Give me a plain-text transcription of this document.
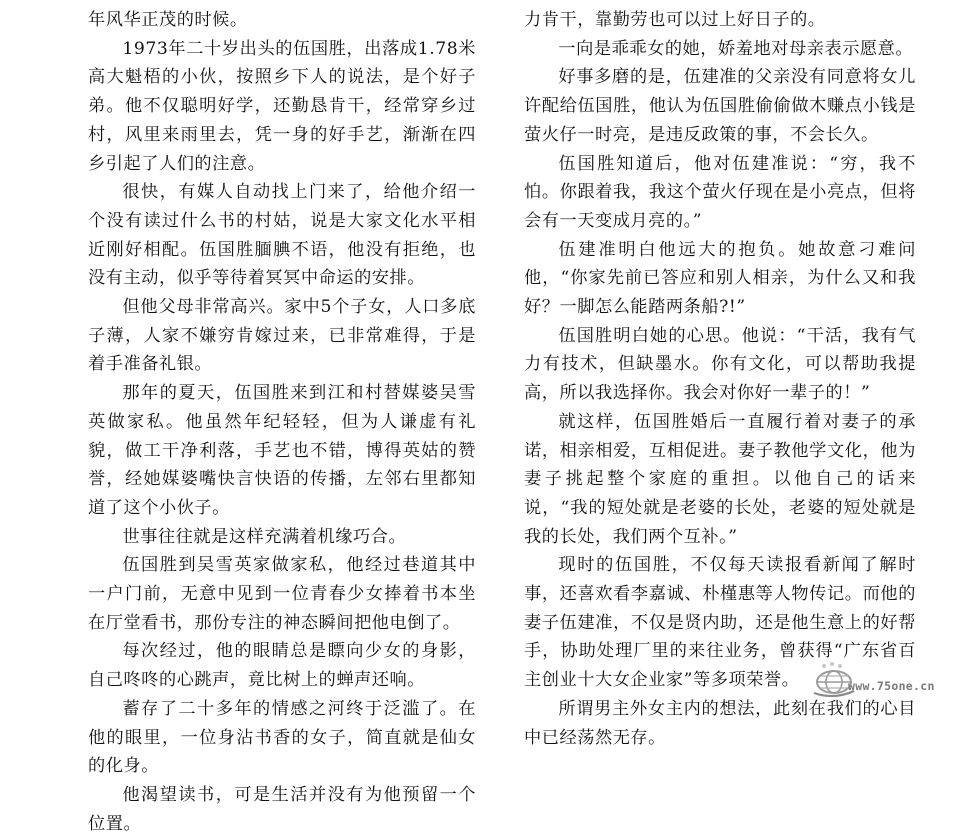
年风华正茂的时候。

1973年二十岁出头的伍国胜，出落成1.78米高大魁梧的小伙，按照乡下人的说法，是个好子弟。他不仅聪明好学，还勤恳肯干，经常穿乡过村，风里来雨里去，凭一身的好手艺，渐渐在四乡引起了人们的注意。

很快，有媒人自动找上门来了，给他介绍一个没有读过什么书的村姑，说是大家文化水平相近刚好相配。伍国胜腼腆不语，他没有拒绝，也没有主动，似乎等待着冥冥中命运的安排。

但他父母非常高兴。家中5个子女，人口多底子薄，人家不嫌穷肯嫁过来，已非常难得，于是着手准备礼银。

那年的夏天，伍国胜来到江和村替媒婆吴雪英做家私。他虽然年纪轻轻，但为人谦虚有礼貌，做工干净利落，手艺也不错，博得英姑的赞誉，经她媒婆嘴快言快语的传播，左邻右里都知道了这个小伙子。

世事往往就是这样充满着机缘巧合。

伍国胜到吴雪英家做家私，他经过巷道其中一户门前，无意中见到一位青春少女捧着书本坐在厅堂看书，那份专注的神态瞬间把他电倒了。

每次经过，他的眼睛总是瞟向少女的身影，自己咚咚的心跳声，竟比树上的蝉声还响。

蓄存了二十多年的情感之河终于泛滥了。在他的眼里，一位身沾书香的女子，简直就是仙女的化身。

他渴望读书，可是生活并没有为他预留一个位置。

力肯干，靠勤劳也可以过上好日子的。

一向是乖乖女的她，娇羞地对母亲表示愿意。

好事多磨的是，伍建准的父亲没有同意将女儿许配给伍国胜，他认为伍国胜偷偷做木赚点小钱是萤火仔一时亮，是违反政策的事，不会长久。

伍国胜知道后，他对伍建准说：“穷，我不怕。你跟着我，我这个萤火仔现在是小亮点，但将会有一天变成月亮的。”

伍建准明白他远大的抱负。她故意刁难问他，“你家先前已答应和别人相亲，为什么又和我好？一脚怎么能踏两条船?!”

伍国胜明白她的心思。他说：“干活，我有气力有技术，但缺墨水。你有文化，可以帮助我提高，所以我选择你。我会对你好一辈子的！”

就这样，伍国胜婚后一直履行着对妻子的承诺，相亲相爱，互相促进。妻子教他学文化，他为妻子挑起整个家庭的重担。以他自己的话来说，“我的短处就是老婆的长处，老婆的短处就是我的长处，我们两个互补。”

现时的伍国胜，不仅每天读报看新闻了解时事，还喜欢看李嘉诚、朴槿惠等人物传记。而他的妻子伍建准，不仅是贤内助，还是他生意上的好帮手，协助处理厂里的来往业务，曾获得“广东省百主创业十大女企业家”等多项荣誉。

所谓男主外女主内的想法，此刻在我们的心目中已经荡然无存。

www.75one.cn
